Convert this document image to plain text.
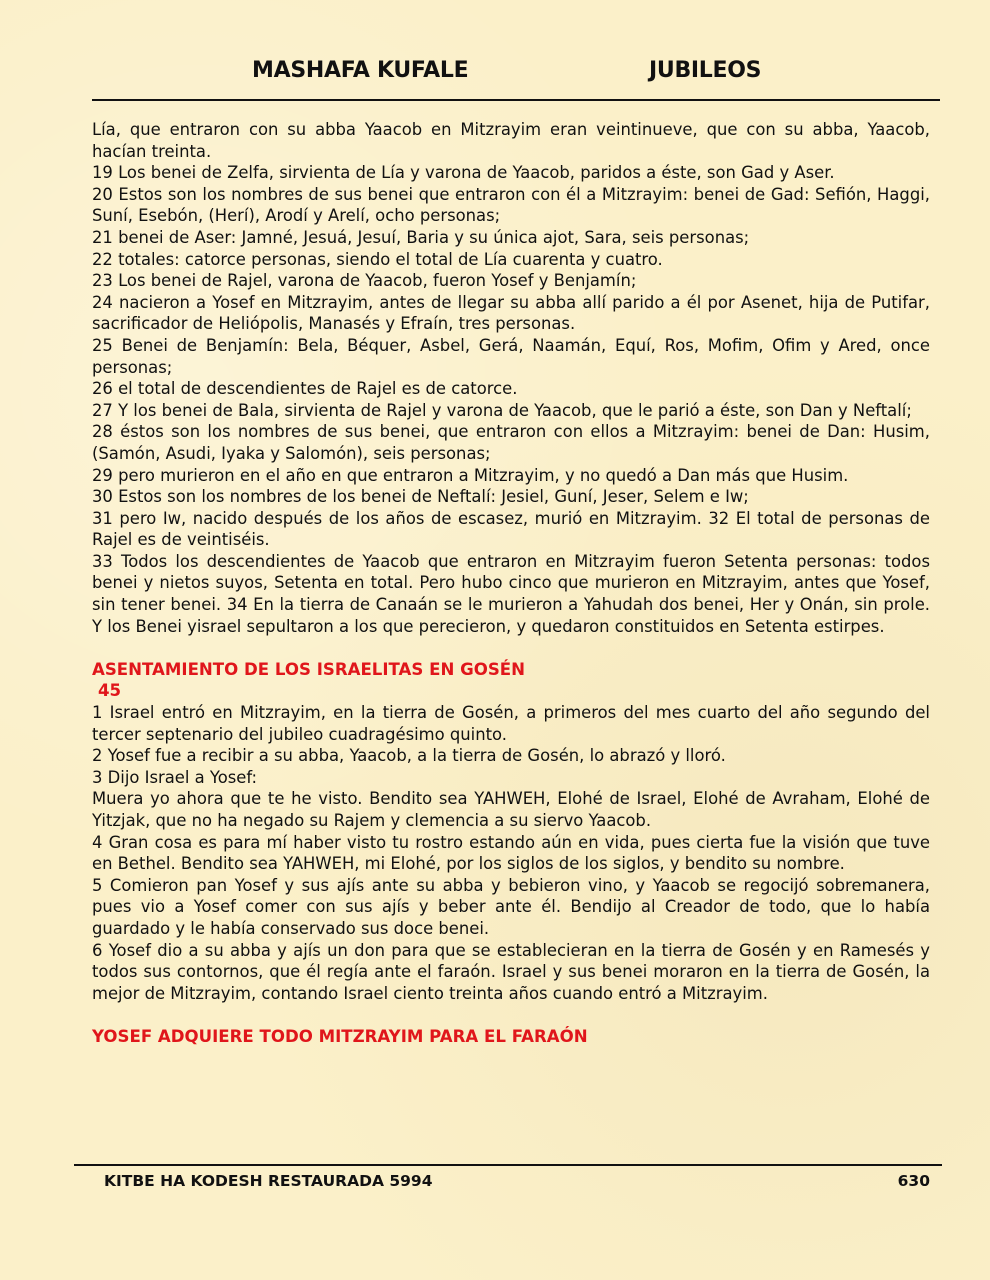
MASHAFA KUFALE	JUBILEOS

Lía, que entraron con su abba Yaacob en Mitzrayim eran veintinueve, que con su abba, Yaacob, hacían treinta.

19 Los benei de Zelfa, sirvienta de Lía y varona de Yaacob, paridos a éste, son Gad y Aser.

20 Estos son los nombres de sus benei que entraron con él a Mitzrayim: benei de Gad: Sefión, Haggi, Suní, Esebón, (Herí), Arodí y Arelí, ocho personas;

21 benei de Aser: Jamné, Jesuá, Jesuí, Baria y su única ajot, Sara, seis personas;

22 totales: catorce personas, siendo el total de Lía cuarenta y cuatro.

23 Los benei de Rajel, varona de Yaacob, fueron Yosef y Benjamín;

24 nacieron a Yosef en Mitzrayim, antes de llegar su abba allí parido a él por Asenet, hija de Putifar, sacrificador de Heliópolis, Manasés y Efraín, tres personas.

25 Benei de Benjamín: Bela, Béquer, Asbel, Gerá, Naamán, Equí, Ros, Mofim, Ofim y Ared, once personas;

26 el total de descendientes de Rajel es de catorce.

27 Y los benei de Bala, sirvienta de Rajel y varona de Yaacob, que le parió a éste, son Dan y Neftalí;

28 éstos son los nombres de sus benei, que entraron con ellos a Mitzrayim: benei de Dan: Husim, (Samón, Asudi, Iyaka y Salomón), seis personas;

29 pero murieron en el año en que entraron a Mitzrayim, y no quedó a Dan más que Husim.

30 Estos son los nombres de los benei de Neftalí: Jesiel, Guní, Jeser, Selem e Iw;

31 pero Iw, nacido después de los años de escasez, murió en Mitzrayim. 32 El total de personas de Rajel es de veintiséis.

33 Todos los descendientes de Yaacob que entraron en Mitzrayim fueron Setenta personas: todos benei y nietos suyos, Setenta en total. Pero hubo cinco que murieron en Mitzrayim, antes que Yosef, sin tener benei. 34 En la tierra de Canaán se le murieron a Yahudah dos benei, Her y Onán, sin prole. Y los Benei yisrael sepultaron a los que perecieron, y quedaron constituidos en Setenta estirpes.

ASENTAMIENTO DE LOS ISRAELITAS EN GOSÉN

45

1 Israel entró en Mitzrayim, en la tierra de Gosén, a primeros del mes cuarto del año segundo del tercer septenario del jubileo cuadragésimo quinto.

2 Yosef fue a recibir a su abba, Yaacob, a la tierra de Gosén, lo abrazó y lloró.

3 Dijo Israel a Yosef:

Muera yo ahora que te he visto. Bendito sea YAHWEH, Elohé de Israel, Elohé de Avraham, Elohé de Yitzjak, que no ha negado su Rajem y clemencia a su siervo Yaacob.

4 Gran cosa es para mí haber visto tu rostro estando aún en vida, pues cierta fue la visión que tuve en Bethel. Bendito sea YAHWEH, mi Elohé, por los siglos de los siglos, y bendito su nombre.

5 Comieron pan Yosef y sus ajís ante su abba y bebieron vino, y Yaacob se regocijó sobremanera, pues vio a Yosef comer con sus ajís y beber ante él. Bendijo al Creador de todo, que lo había guardado y le había conservado sus doce benei.

6 Yosef dio a su abba y ajís un don para que se establecieran en la tierra de Gosén y en Ramesés y todos sus contornos, que él regía ante el faraón. Israel y sus benei moraron en la tierra de Gosén, la mejor de Mitzrayim, contando Israel ciento treinta años cuando entró a Mitzrayim.

YOSEF ADQUIERE TODO MITZRAYIM PARA EL FARAÓN

KITBE HA KODESH RESTAURADA 5994	630
